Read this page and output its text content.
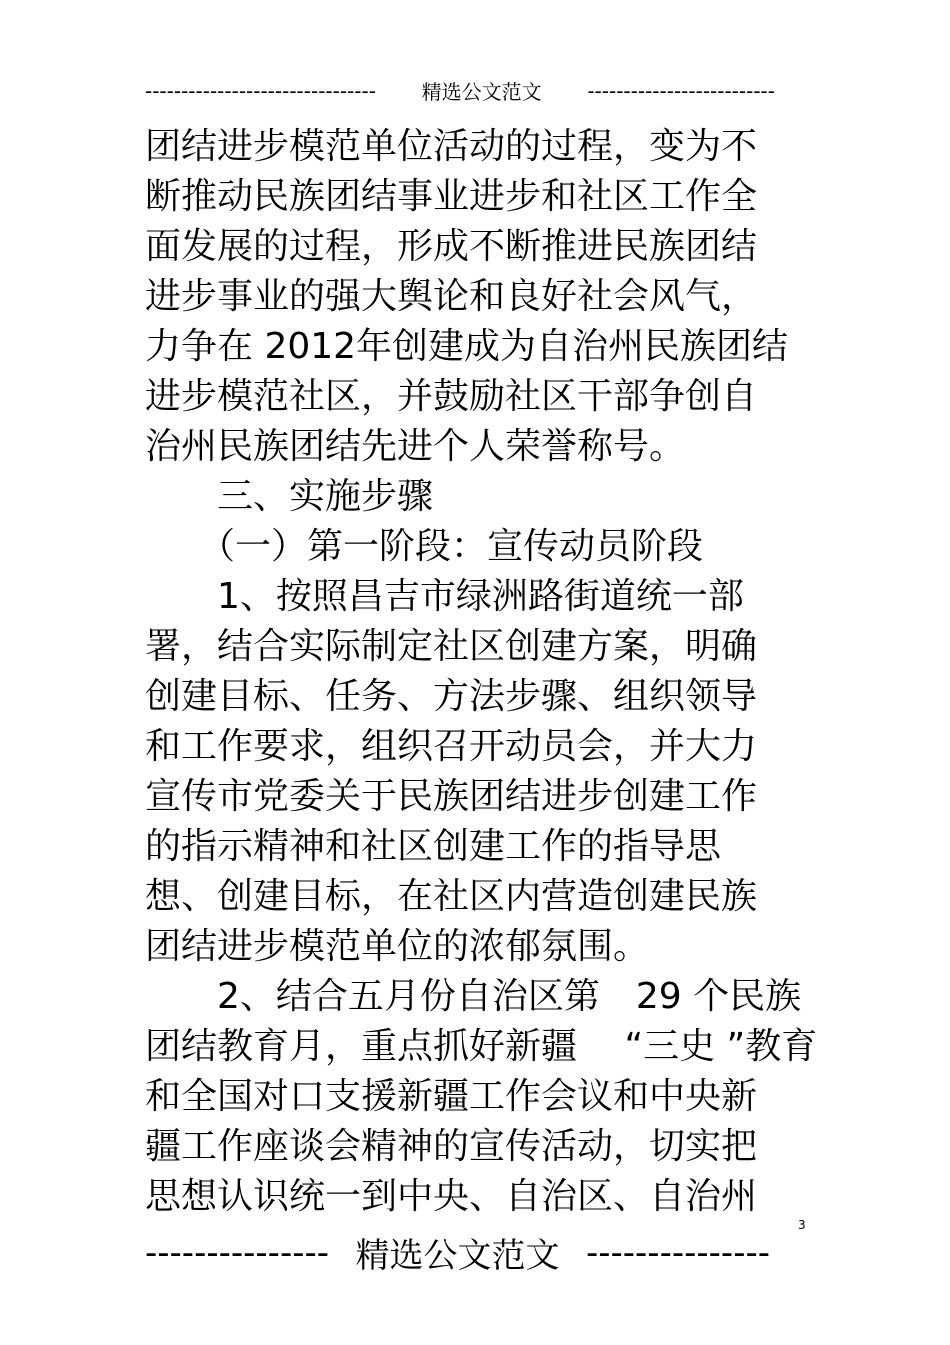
-------------------------------- 精选公文范文 --------------------------
团结进步模范单位活动的过程，变为不
断推动民族团结事业进步和社区工作全
面发展的过程，形成不断推进民族团结
进步事业的强大舆论和良好社会风气，
力争在 2012年创建成为自治州民族团结
进步模范社区，并鼓励社区干部争创自
治州民族团结先进个人荣誉称号。
　　三、实施步骤
　　（一）第一阶段：宣传动员阶段
　　1、按照昌吉市绿洲路街道统一部
署，结合实际制定社区创建方案，明确
创建目标、任务、方法步骤、组织领导
和工作要求，组织召开动员会，并大力
宣传市党委关于民族团结进步创建工作
的指示精神和社区创建工作的指导思
想、创建目标，在社区内营造创建民族
团结进步模范单位的浓郁氛围。
　　2、结合五月份自治区第　29 个民族
团结教育月，重点抓好新疆　 “三史 ”教育
和全国对口支援新疆工作会议和中央新
疆工作座谈会精神的宣传活动，切实把
思想认识统一到中央、自治区、自治州
3
--------------- 精选公文范文 ---------------
